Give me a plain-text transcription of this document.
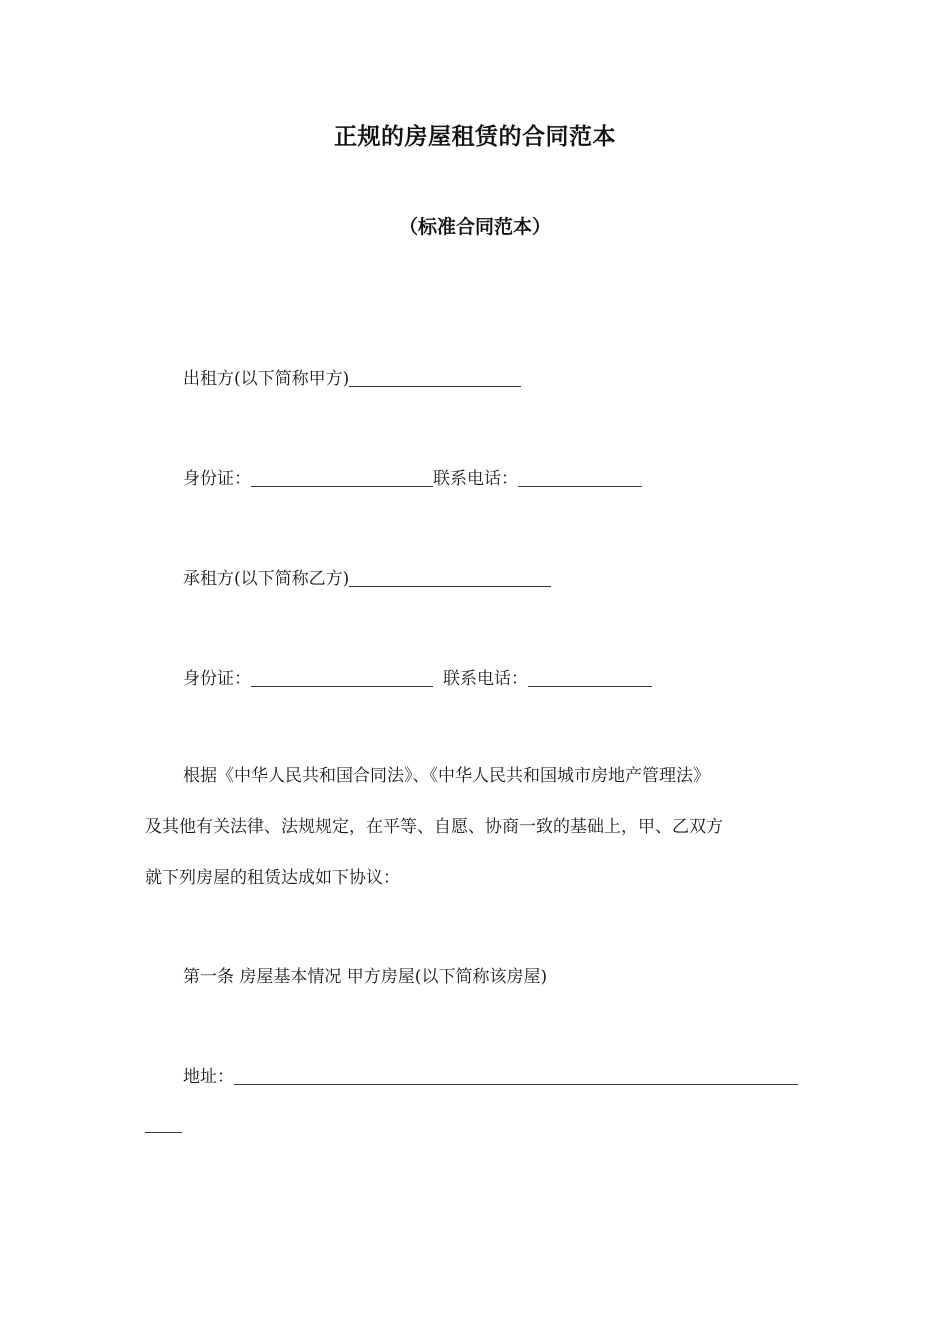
正规的房屋租赁的合同范本
（标准合同范本）
出租方(以下简称甲方)
身份证：	联系电话：
承租方(以下简称乙方)
身份证：	联系电话：
根据《中华人民共和国合同法》、《中华人民共和国城市房地产管理法》
及其他有关法律、法规规定，在平等、自愿、协商一致的基础上，甲、乙双方
就下列房屋的租赁达成如下协议：
第一条 房屋基本情况 甲方房屋(以下简称该房屋)
地址：
